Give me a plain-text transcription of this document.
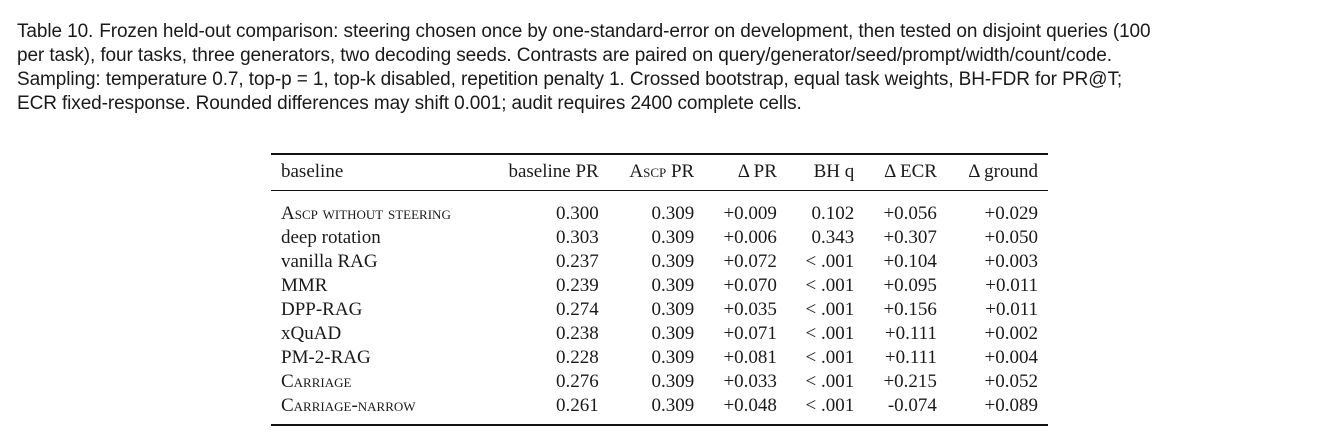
Table 10. Frozen held-out comparison: steering chosen once by one-standard-error on development, then tested on disjoint queries (100
per task), four tasks, three generators, two decoding seeds. Contrasts are paired on query/generator/seed/prompt/width/count/code.
Sampling: temperature 0.7, top-p = 1, top-k disabled, repetition penalty 1. Crossed bootstrap, equal task weights, BH-FDR for PR@T;
ECR fixed-response. Rounded differences may shift 0.001; audit requires 2400 complete cells.
baseline	baseline PR	Ascp PR	Δ PR	BH q	Δ ECR	Δ ground
Ascp without steering	0.300	0.309	+0.009	0.102	+0.056	+0.029
deep rotation	0.303	0.309	+0.006	0.343	+0.307	+0.050
vanilla RAG	0.237	0.309	+0.072	< .001	+0.104	+0.003
MMR	0.239	0.309	+0.070	< .001	+0.095	+0.011
DPP-RAG	0.274	0.309	+0.035	< .001	+0.156	+0.011
xQuAD	0.238	0.309	+0.071	< .001	+0.111	+0.002
PM-2-RAG	0.228	0.309	+0.081	< .001	+0.111	+0.004
Carriage	0.276	0.309	+0.033	< .001	+0.215	+0.052
Carriage-narrow	0.261	0.309	+0.048	< .001	-0.074	+0.089
